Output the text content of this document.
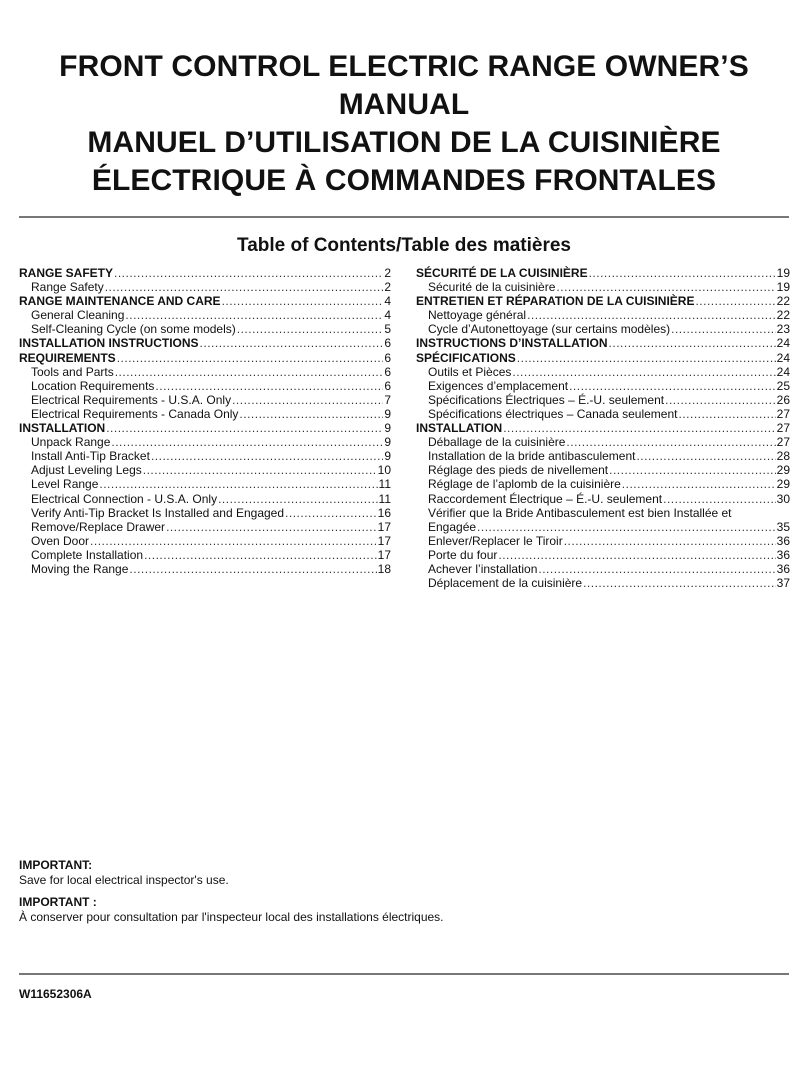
FRONT CONTROL ELECTRIC RANGE OWNER’S
MANUAL
MANUEL D’UTILISATION DE LA CUISINIÈRE
ÉLECTRIQUE À COMMANDES FRONTALES
Table of Contents/Table des matières
RANGE SAFETY .....	2
Range Safety .....	2
RANGE MAINTENANCE AND CARE .....	4
General Cleaning .....	4
Self-Cleaning Cycle (on some models) .....	5
INSTALLATION INSTRUCTIONS .....	6
REQUIREMENTS .....	6
Tools and Parts .....	6
Location Requirements .....	6
Electrical Requirements - U.S.A. Only .....	7
Electrical Requirements - Canada Only .....	9
INSTALLATION .....	9
Unpack Range .....	9
Install Anti-Tip Bracket .....	9
Adjust Leveling Legs .....	10
Level Range .....	11
Electrical Connection - U.S.A. Only .....	11
Verify Anti-Tip Bracket Is Installed and Engaged .....	16
Remove/Replace Drawer .....	17
Oven Door .....	17
Complete Installation .....	17
Moving the Range .....	18
SÉCURITÉ DE LA CUISINIÈRE .....	19
Sécurité de la cuisinière .....	19
ENTRETIEN ET RÉPARATION DE LA CUISINIÈRE .....	22
Nettoyage général .....	22
Cycle d’Autonettoyage (sur certains modèles) .....	23
INSTRUCTIONS D’INSTALLATION .....	24
SPÉCIFICATIONS .....	24
Outils et Pièces .....	24
Exigences d’emplacement .....	25
Spécifications Électriques – É.-U. seulement .....	26
Spécifications électriques – Canada seulement .....	27
INSTALLATION .....	27
Déballage de la cuisinière .....	27
Installation de la bride antibasculement .....	28
Réglage des pieds de nivellement .....	29
Réglage de l’aplomb de la cuisinière .....	29
Raccordement Électrique – É.-U. seulement .....	30
Vérifier que la Bride Antibasculement est bien Installée et
Engagée .....	35
Enlever/Replacer le Tiroir .....	36
Porte du four .....	36
Achever l’installation .....	36
Déplacement de la cuisinière .....	37
IMPORTANT:
Save for local electrical inspector's use.
IMPORTANT :
À conserver pour consultation par l'inspecteur local des installations électriques.
W11652306A
